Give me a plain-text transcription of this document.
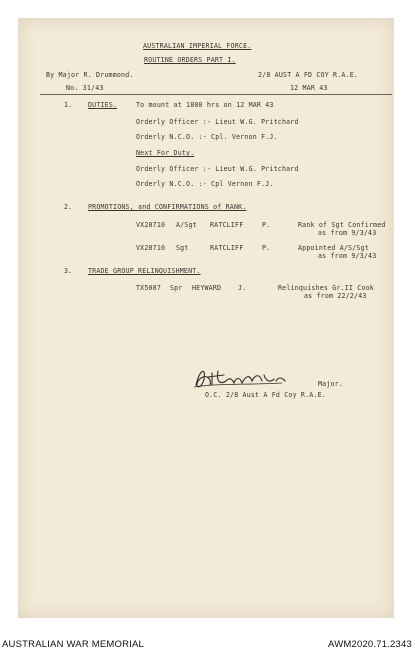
AUSTRALIAN IMPERIAL FORCE.
ROUTINE ORDERS PART I.
By Major R. Drummond.	2/8 AUST A FD COY R.A.E.
No. 31/43	12 MAR 43
1. DUTIES.	To mount at 1800 hrs on 12 MAR 43
Orderly Officer :- Lieut W.G. Pritchard
Orderly N.C.O. :- Cpl. Vernon F.J.
Next For Duty.
Orderly Officer :- Lieut W.G. Pritchard
Orderly N.C.O. :- Cpl Vernon F.J.
2. PROMOTIONS, and CONFIRMATIONS of RANK.
VX28710 A/Sgt RATCLIFF	P.	Rank of Sgt Confirmed
as from 9/3/43
VX28710 Sgt	RATCLIFF	P.	Appointed A/S/Sgt
as from 9/3/43
3. TRADE GROUP RELINQUISHMENT.
TX5087 Spr HEYWARD	J.	Relinquishes Gr.II Cook
as from 22/2/43
Major.
O.C. 2/8 Aust A Fd Coy R.A.E.
AUSTRALIAN WAR MEMORIAL	AWM2020.71.2343
